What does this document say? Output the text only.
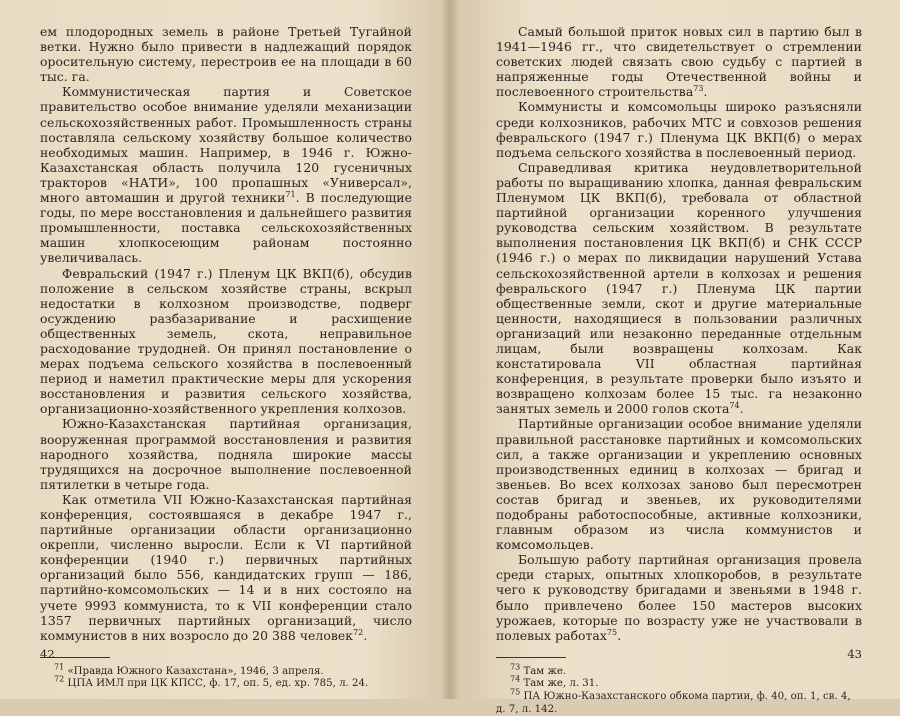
ем плодородных земель в районе Третьей Тугайной ветки. Нужно было привести в надлежащий порядок оросительную систему, перестроив ее на площади в 60 тыс. га.

Коммунистическая партия и Советское правительство особое внимание уделяли механизации сельскохозяйственных работ. Промышленность страны поставляла сельскому хозяйству большое количество необходимых машин. Например, в 1946 г. Южно-Казахстанская область получила 120 гусеничных тракторов «НАТИ», 100 пропашных «Универсал», много автомашин и другой техники$^{71}$. В последующие годы, по мере восстановления и дальнейшего развития промышленности, поставка сельскохозяйственных машин хлопкосеющим районам постоянно увеличивалась.

Февральский (1947 г.) Пленум ЦК ВКП(б), обсудив положение в сельском хозяйстве страны, вскрыл недостатки в колхозном производстве, подверг осуждению разбазаривание и расхищение общественных земель, скота, неправильное расходование трудодней. Он принял постановление о мерах подъема сельского хозяйства в послевоенный период и наметил практические меры для ускорения восстановления и развития сельского хозяйства, организационно-хозяйственного укрепления колхозов.

Южно-Казахстанская партийная организация, вооруженная программой восстановления и развития народного хозяйства, подняла широкие массы трудящихся на досрочное выполнение послевоенной пятилетки в четыре года.

Как отметила VII Южно-Казахстанская партийная конференция, состоявшаяся в декабре 1947 г., партийные организации области организационно окрепли, численно выросли. Если к VI партийной конференции (1940 г.) первичных партийных организаций было 556, кандидатских групп — 186, партийно-комсомольских — 14 и в них состояло на учете 9993 коммуниста, то к VII конференции стало 1357 первичных партийных организаций, число коммунистов в них возросло до 20 388 человек$^{72}$.

$^{71}$ «Правда Южного Казахстана», 1946, 3 апреля.
$^{72}$ ЦПА ИМЛ при ЦК КПСС, ф. 17, оп. 5, ед. хр. 785, л. 24.
42

Самый большой приток новых сил в партию был в 1941—1946 гг., что свидетельствует о стремлении советских людей связать свою судьбу с партией в напряженные годы Отечественной войны и послевоенного строительства$^{73}$.

Коммунисты и комсомольцы широко разъясняли среди колхозников, рабочих МТС и совхозов решения февральского (1947 г.) Пленума ЦК ВКП(б) о мерах подъема сельского хозяйства в послевоенный период.

Справедливая критика неудовлетворительной работы по выращиванию хлопка, данная февральским Пленумом ЦК ВКП(б), требовала от областной партийной организации коренного улучшения руководства сельским хозяйством. В результате выполнения постановления ЦК ВКП(б) и СНК СССР (1946 г.) о мерах по ликвидации нарушений Устава сельскохозяйственной артели в колхозах и решения февральского (1947 г.) Пленума ЦК партии общественные земли, скот и другие материальные ценности, находящиеся в пользовании различных организаций или незаконно переданные отдельным лицам, были возвращены колхозам. Как констатировала VII областная партийная конференция, в результате проверки было изъято и возвращено колхозам более 15 тыс. га незаконно занятых земель и 2000 голов скота$^{74}$.

Партийные организации особое внимание уделяли правильной расстановке партийных и комсомольских сил, а также организации и укреплению основных производственных единиц в колхозах — бригад и звеньев. Во всех колхозах заново был пересмотрен состав бригад и звеньев, их руководителями подобраны работоспособные, активные колхозники, главным образом из числа коммунистов и комсомольцев.

Большую работу партийная организация провела среди старых, опытных хлопкоробов, в результате чего к руководству бригадами и звеньями в 1948 г. было привлечено более 150 мастеров высоких урожаев, которые по возрасту уже не участвовали в полевых работах$^{75}$.

$^{73}$ Там же.
$^{74}$ Там же, л. 31.
$^{75}$ ПА Южно-Казахстанского обкома партии, ф. 40, оп. 1, св. 4, д. 7, л. 142.
43
